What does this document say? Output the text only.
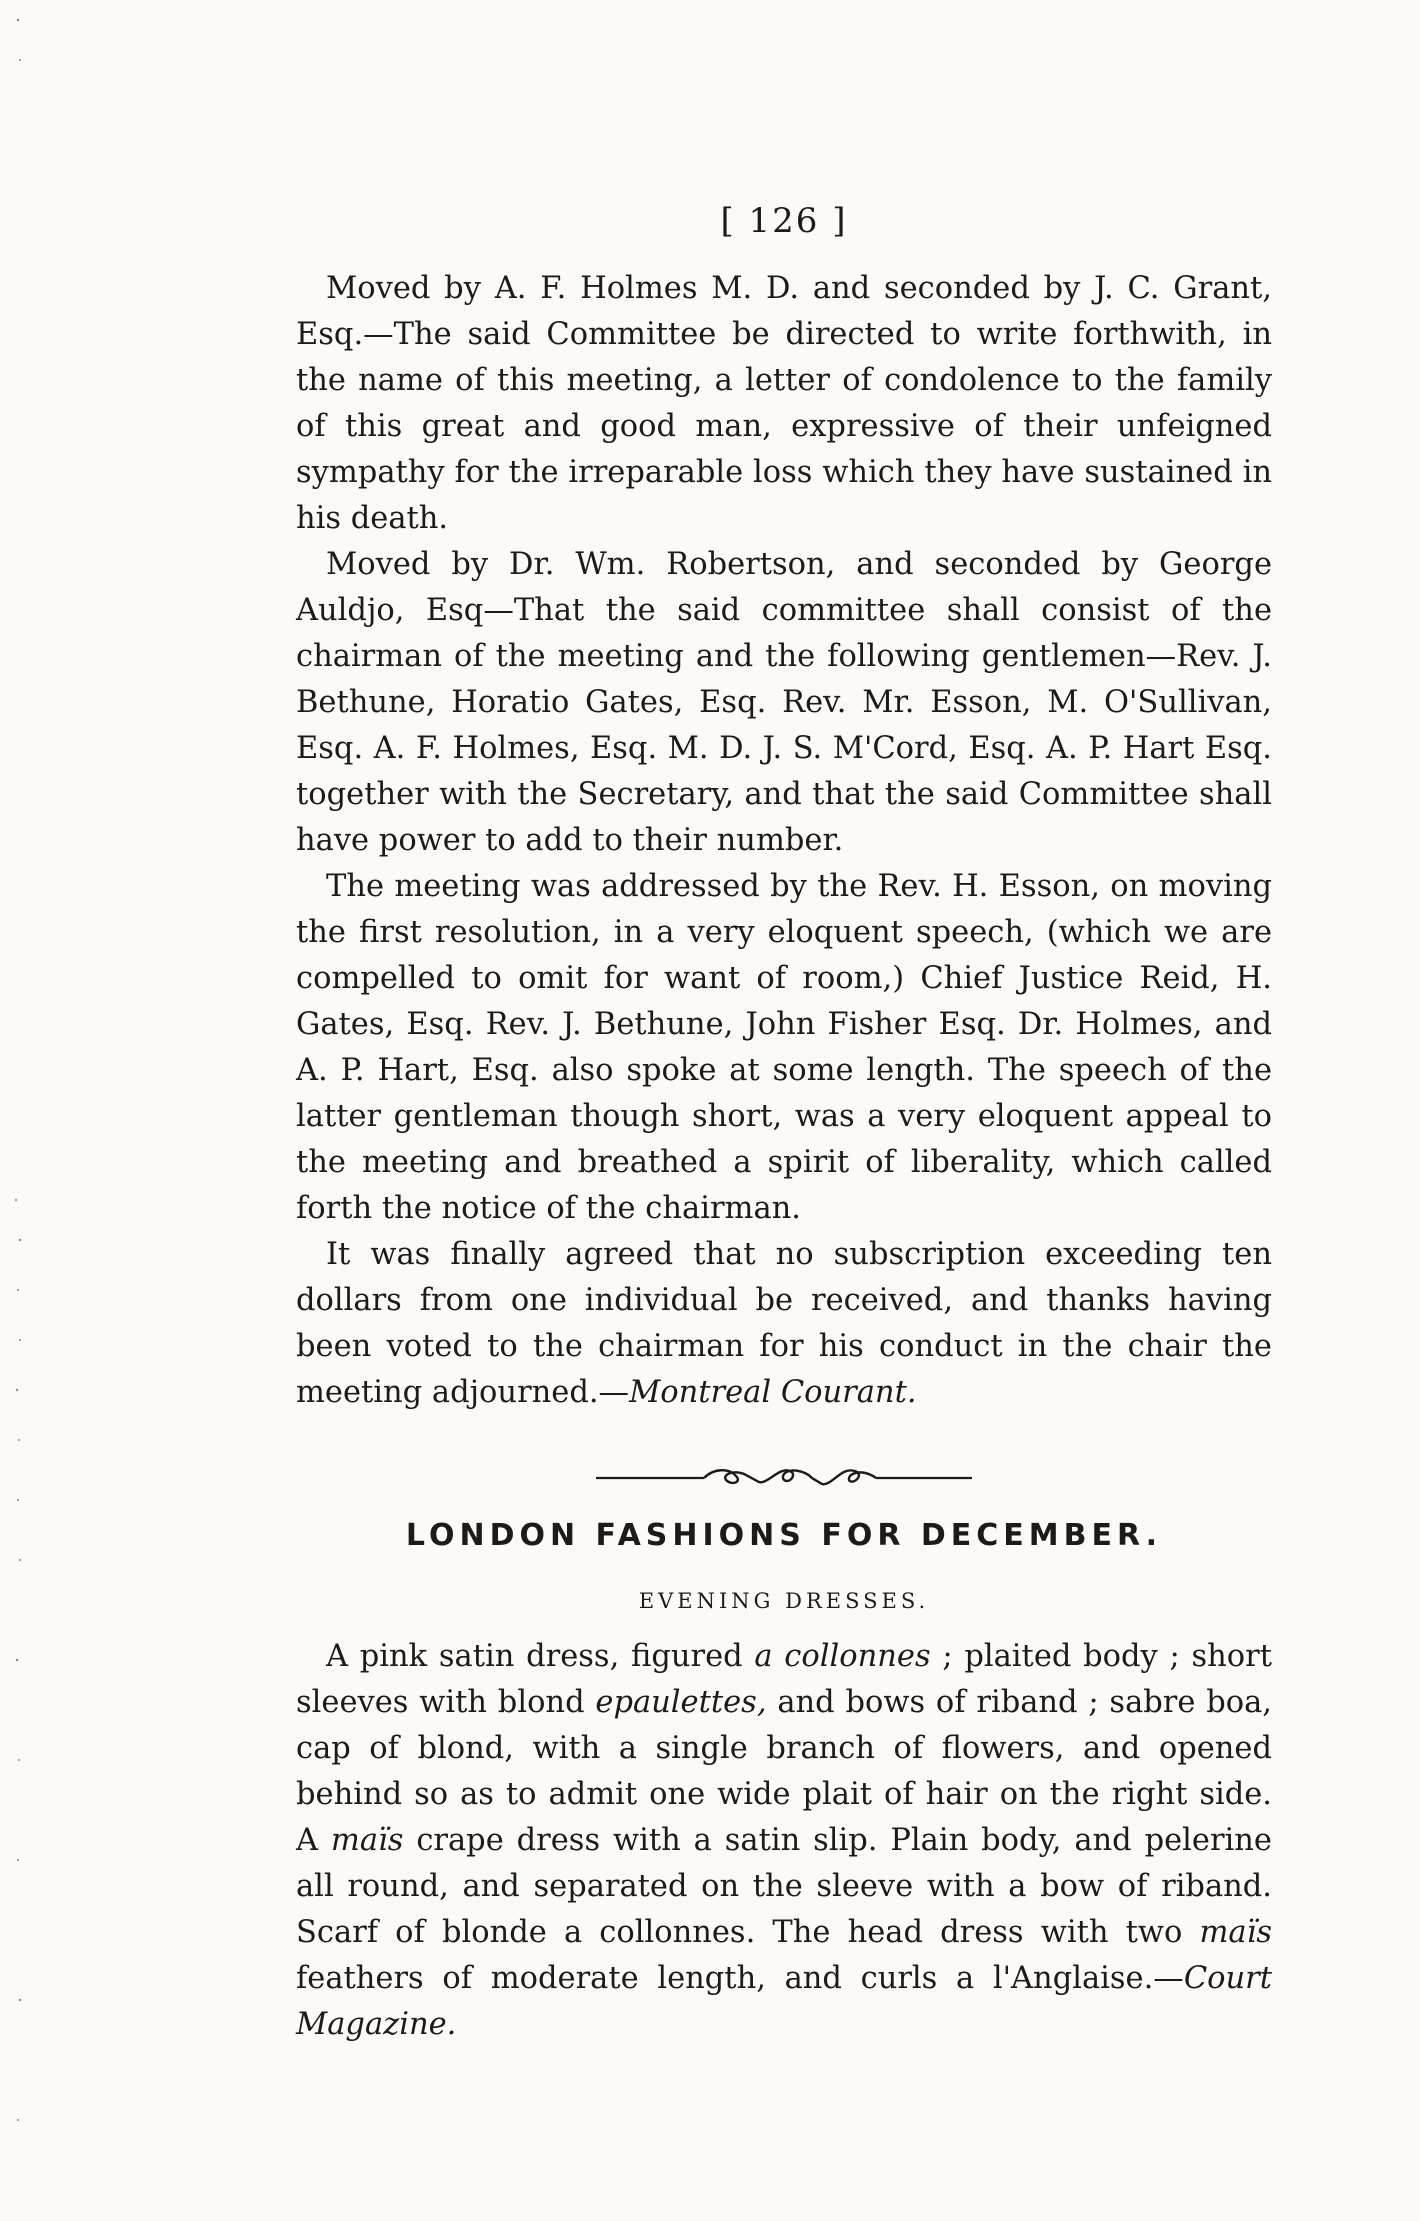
[ 126 ]

Moved by A. F. Holmes M. D. and seconded by J. C. Grant, Esq.—The said Committee be directed to write forthwith, in the name of this meeting, a letter of condolence to the family of this great and good man, expressive of their unfeigned sympathy for the irreparable loss which they have sustained in his death.

Moved by Dr. Wm. Robertson, and seconded by George Auldjo, Esq—That the said committee shall consist of the chairman of the meeting and the following gentlemen—Rev. J. Bethune, Horatio Gates, Esq. Rev. Mr. Esson, M. O'Sullivan, Esq. A. F. Holmes, Esq. M. D. J. S. M'Cord, Esq. A. P. Hart Esq. together with the Secretary, and that the said Committee shall have power to add to their number.

The meeting was addressed by the Rev. H. Esson, on moving the first resolution, in a very eloquent speech, (which we are compelled to omit for want of room,) Chief Justice Reid, H. Gates, Esq. Rev. J. Bethune, John Fisher Esq. Dr. Holmes, and A. P. Hart, Esq. also spoke at some length. The speech of the latter gentleman though short, was a very eloquent appeal to the meeting and breathed a spirit of liberality, which called forth the notice of the chairman.

It was finally agreed that no subscription exceeding ten dollars from one individual be received, and thanks having been voted to the chairman for his conduct in the chair the meeting adjourned.—Montreal Courant.

LONDON FASHIONS FOR DECEMBER.
EVENING DRESSES.

A pink satin dress, figured a collonnes ; plaited body ; short sleeves with blond epaulettes, and bows of riband ; sabre boa, cap of blond, with a single branch of flowers, and opened behind so as to admit one wide plait of hair on the right side. A maïs crape dress with a satin slip. Plain body, and pelerine all round, and separated on the sleeve with a bow of riband. Scarf of blonde a collonnes. The head dress with two maïs feathers of moderate length, and curls a l'Anglaise.—Court Magazine.
